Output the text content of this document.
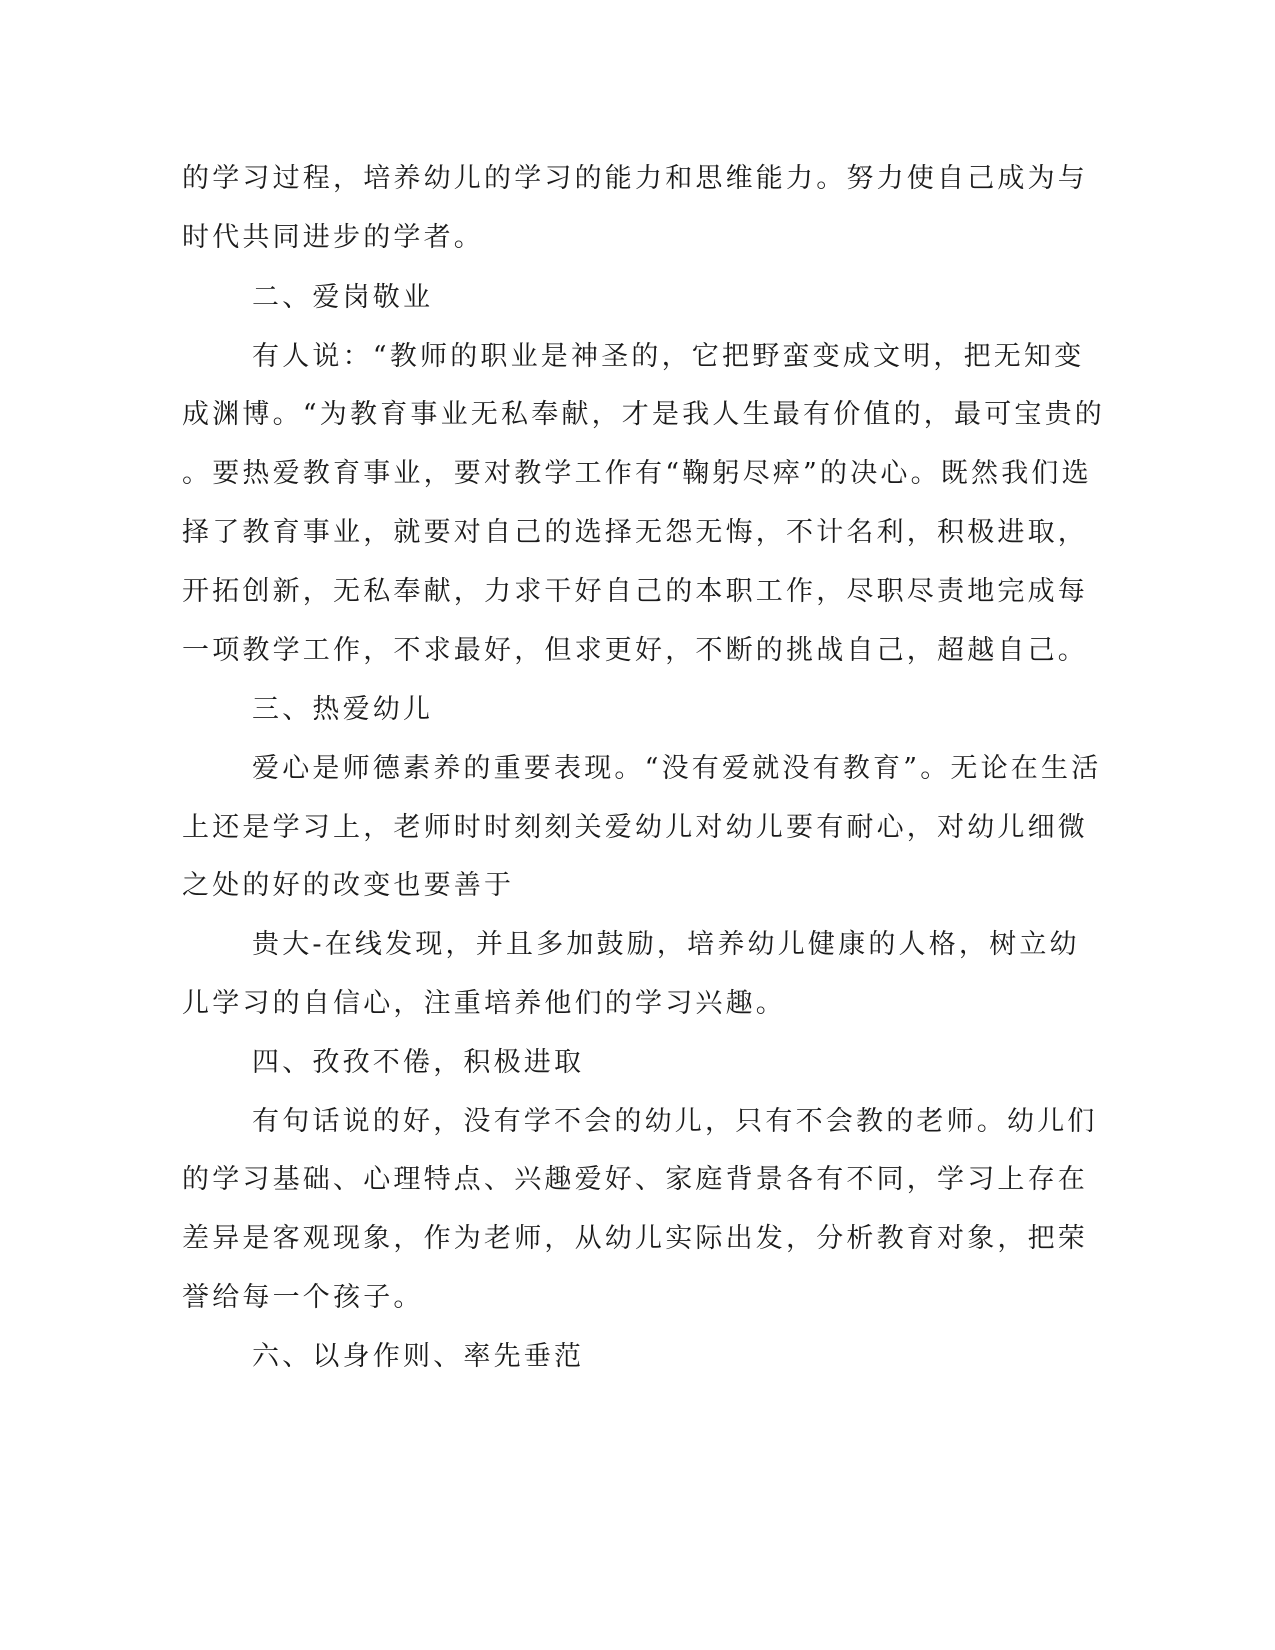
的学习过程，培养幼儿的学习的能力和思维能力。努力使自己成为与
时代共同进步的学者。
二、爱岗敬业
有人说：“教师的职业是神圣的，它把野蛮变成文明，把无知变
成渊博。“为教育事业无私奉献，才是我人生最有价值的，最可宝贵的
。要热爱教育事业，要对教学工作有“鞠躬尽瘁”的决心。既然我们选
择了教育事业，就要对自己的选择无怨无悔，不计名利，积极进取，
开拓创新，无私奉献，力求干好自己的本职工作，尽职尽责地完成每
一项教学工作，不求最好，但求更好，不断的挑战自己，超越自己。
三、热爱幼儿
爱心是师德素养的重要表现。“没有爱就没有教育”。无论在生活
上还是学习上，老师时时刻刻关爱幼儿对幼儿要有耐心，对幼儿细微
之处的好的改变也要善于
贵大-在线发现，并且多加鼓励，培养幼儿健康的人格，树立幼
儿学习的自信心，注重培养他们的学习兴趣。
四、孜孜不倦，积极进取
有句话说的好，没有学不会的幼儿，只有不会教的老师。幼儿们
的学习基础、心理特点、兴趣爱好、家庭背景各有不同，学习上存在
差异是客观现象，作为老师，从幼儿实际出发，分析教育对象，把荣
誉给每一个孩子。
六、以身作则、率先垂范
